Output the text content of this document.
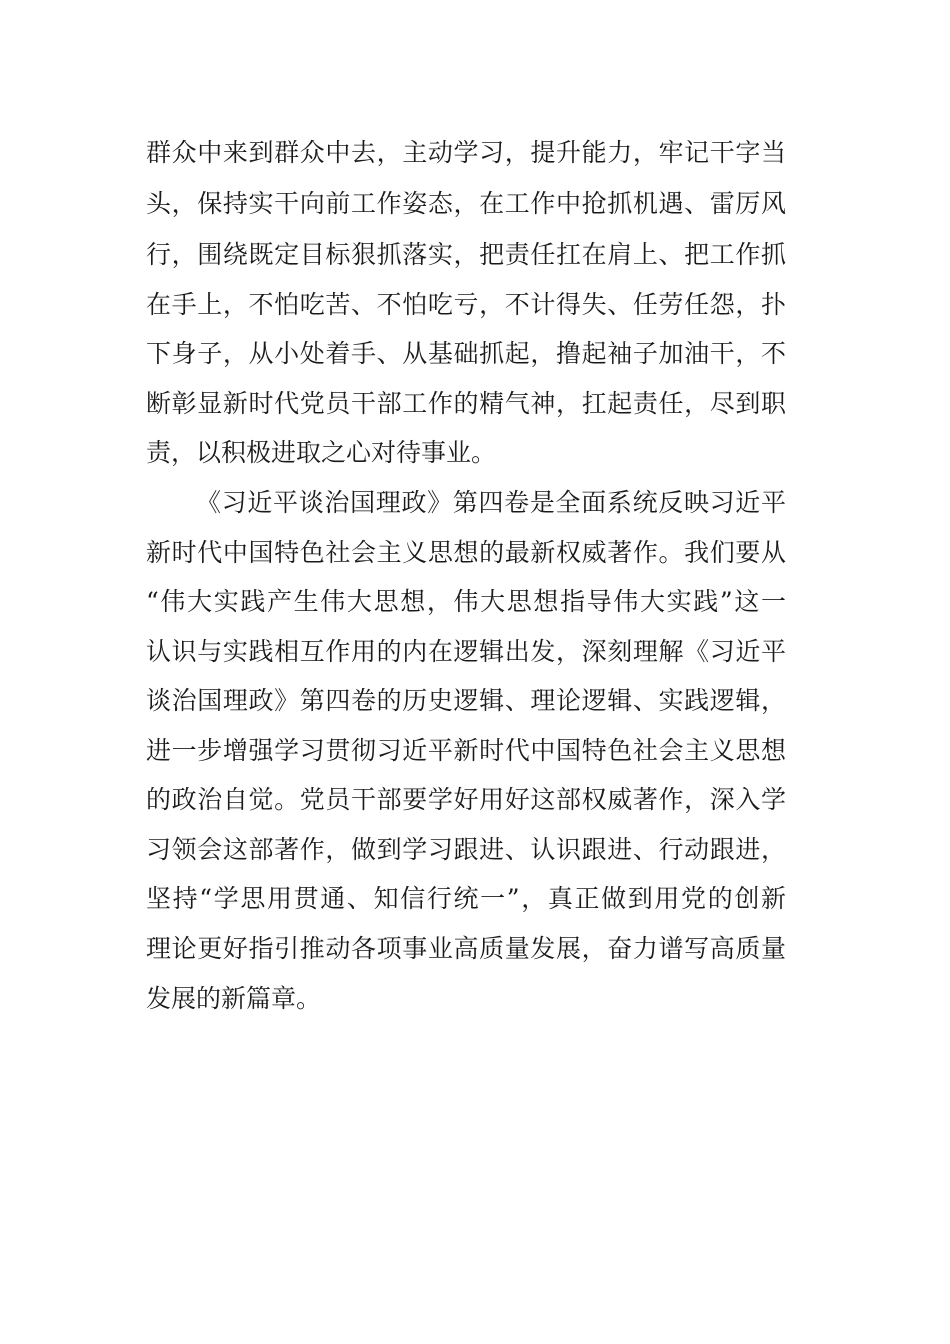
群众中来到群众中去，主动学习，提升能力，牢记干字当
头，保持实干向前工作姿态，在工作中抢抓机遇、雷厉风
行，围绕既定目标狠抓落实，把责任扛在肩上、把工作抓
在手上，不怕吃苦、不怕吃亏，不计得失、任劳任怨，扑
下身子，从小处着手、从基础抓起，撸起袖子加油干，不
断彰显新时代党员干部工作的精气神，扛起责任，尽到职
责，以积极进取之心对待事业。
《习近平谈治国理政》第四卷是全面系统反映习近平
新时代中国特色社会主义思想的最新权威著作。我们要从
“伟大实践产生伟大思想，伟大思想指导伟大实践”这一
认识与实践相互作用的内在逻辑出发，深刻理解《习近平
谈治国理政》第四卷的历史逻辑、理论逻辑、实践逻辑，
进一步增强学习贯彻习近平新时代中国特色社会主义思想
的政治自觉。党员干部要学好用好这部权威著作，深入学
习领会这部著作，做到学习跟进、认识跟进、行动跟进，
坚持“学思用贯通、知信行统一”，真正做到用党的创新
理论更好指引推动各项事业高质量发展，奋力谱写高质量
发展的新篇章。
